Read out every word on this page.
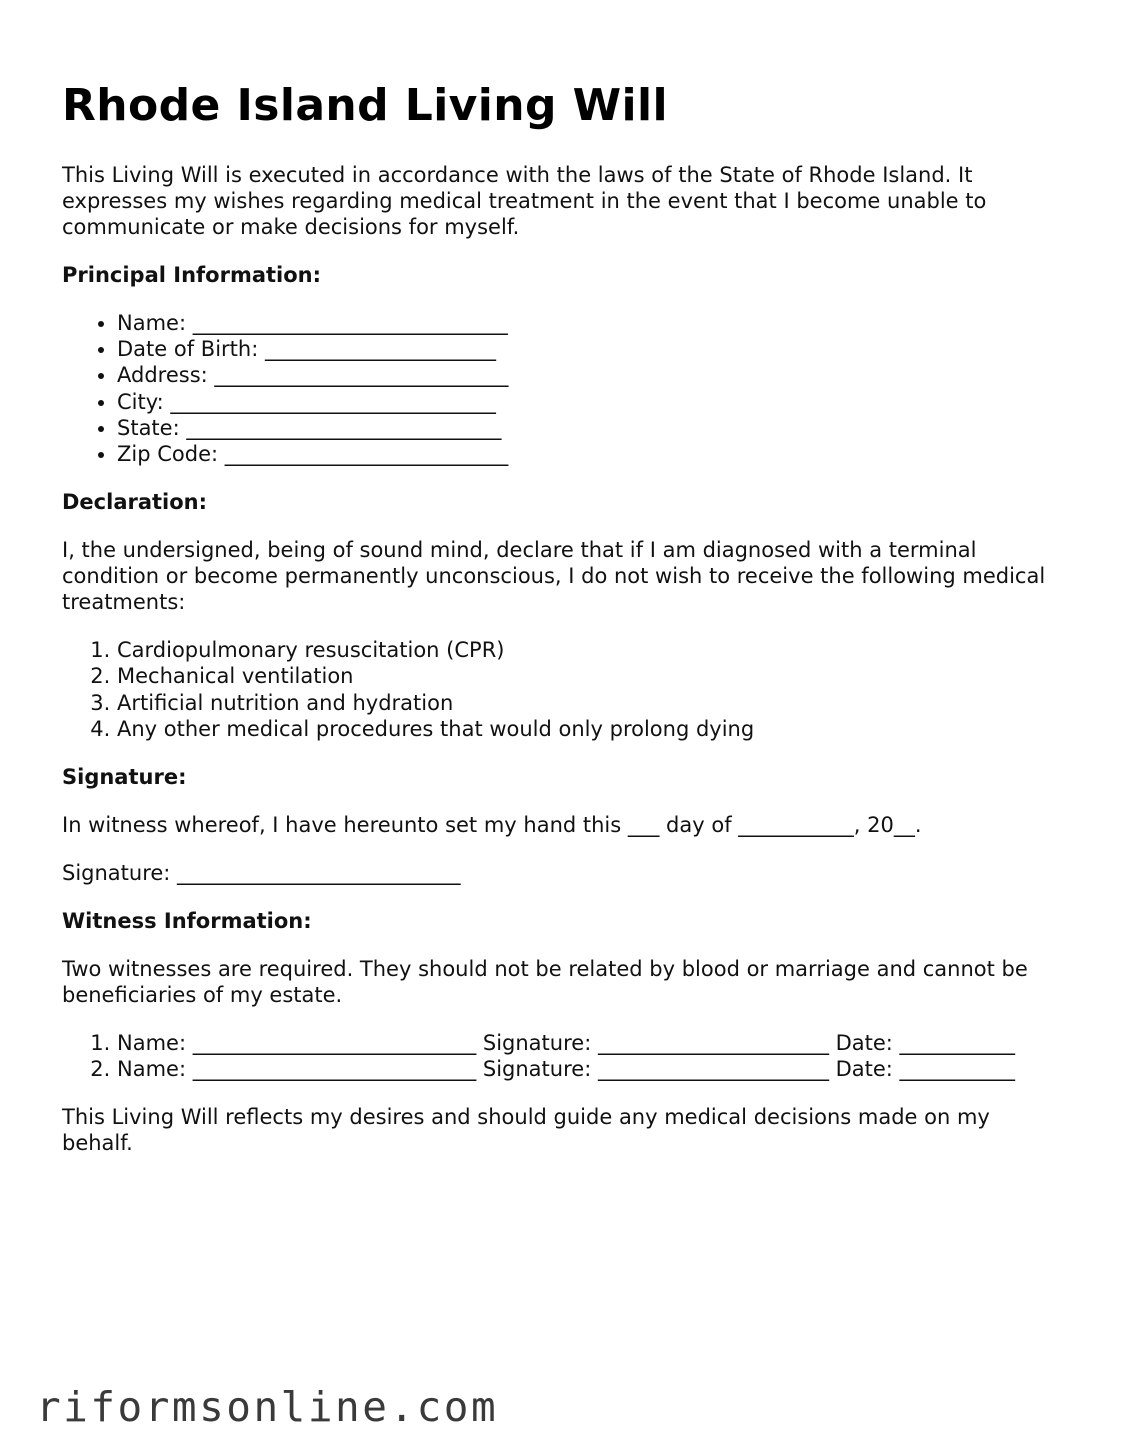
Rhode Island Living Will

This Living Will is executed in accordance with the laws of the State of Rhode Island. It expresses my wishes regarding medical treatment in the event that I become unable to communicate or make decisions for myself.

Principal Information:
• Name: ______________________________
• Date of Birth: ______________________
• Address: ____________________________
• City: _______________________________
• State: ______________________________
• Zip Code: ___________________________
Declaration:

I, the undersigned, being of sound mind, declare that if I am diagnosed with a terminal condition or become permanently unconscious, I do not wish to receive the following medical treatments:

1. Cardiopulmonary resuscitation (CPR)
2. Mechanical ventilation
3. Artificial nutrition and hydration
4. Any other medical procedures that would only prolong dying
Signature:

In witness whereof, I have hereunto set my hand this ___ day of ___________, 20__.

Signature: ___________________________

Witness Information:

Two witnesses are required. They should not be related by blood or marriage and cannot be beneficiaries of my estate.

1. Name: ___________________________ Signature: ______________________ Date: ___________
2. Name: ___________________________ Signature: ______________________ Date: ___________

This Living Will reflects my desires and should guide any medical decisions made on my behalf.

riformsonline.com
